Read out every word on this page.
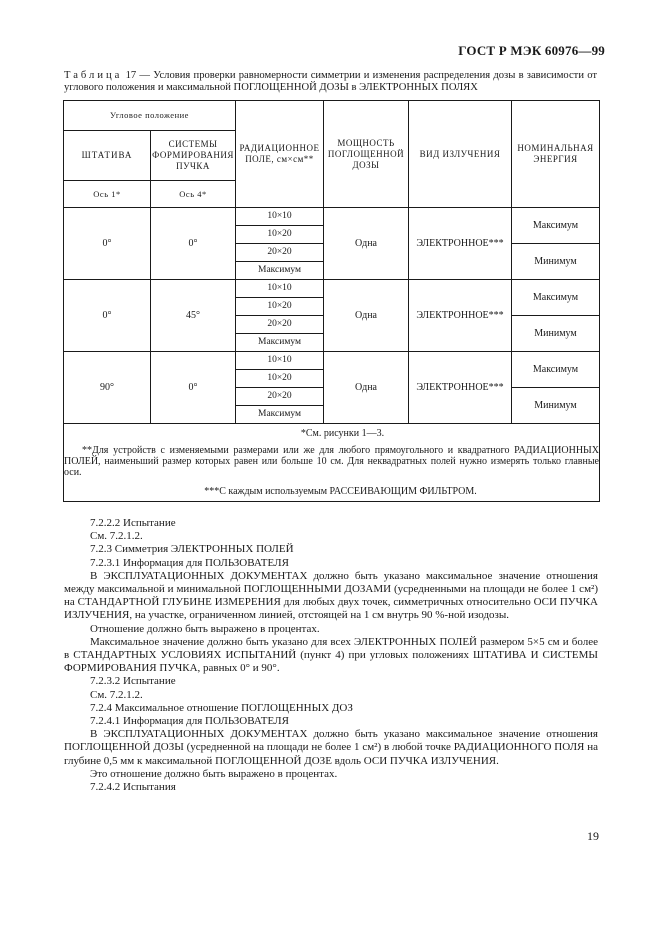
ГОСТ Р МЭК 60976—99
Таблица 17 — Условия проверки равномерности симметрии и изменения распределения дозы в зависимости от углового положения и максимальной ПОГЛОЩЕННОЙ ДОЗЫ в ЭЛЕКТРОННЫХ ПОЛЯХ
Угловое положение		РАДИАЦИОННОЕ ПОЛЕ, см×см**	МОЩНОСТЬ ПОГЛОЩЕННОЙ ДОЗЫ	ВИД ИЗЛУЧЕНИЯ	НОМИНАЛЬНАЯ ЭНЕРГИЯ
ШТАТИВА	СИСТЕМЫ ФОРМИРОВАНИЯ ПУЧКА				
Ось 1*	Ось 4*				
0°	0°	10×10	Одна	ЭЛЕКТРОННОЕ***	Максимум
		10×20			
		20×20			Минимум
		Максимум			
0°	45°	10×10	Одна	ЭЛЕКТРОННОЕ***	Максимум
		10×20			
		20×20			Минимум
		Максимум			
90°	0°	10×10	Одна	ЭЛЕКТРОННОЕ***	Максимум
		10×20			
		20×20			Минимум
		Максимум			

*См. рисунки 1—3.

**Для устройств с изменяемыми размерами или же для любого прямоугольного и квадратного РАДИАЦИОННЫХ ПОЛЕЙ, наименьший размер которых равен или больше 10 см. Для неквадратных полей нужно измерять только главные оси.

***С каждым используемым РАССЕИВАЮЩИМ ФИЛЬТРОМ.					

7.2.2.2 Испытание

См. 7.2.1.2.

7.2.3 Симметрия ЭЛЕКТРОННЫХ ПОЛЕЙ

7.2.3.1 Информация для ПОЛЬЗОВАТЕЛЯ

В ЭКСПЛУАТАЦИОННЫХ ДОКУМЕНТАХ должно быть указано максимальное значение отношения между максимальной и минимальной ПОГЛОЩЕННЫМИ ДОЗАМИ (усредненными на площади не более 1 см²) на СТАНДАРТНОЙ ГЛУБИНЕ ИЗМЕРЕНИЯ для любых двух точек, симметричных относительно ОСИ ПУЧКА ИЗЛУЧЕНИЯ, на участке, ограниченном линией, отстоящей на 1 см внутрь 90 %-ной изодозы.

Отношение должно быть выражено в процентах.

Максимальное значение должно быть указано для всех ЭЛЕКТРОННЫХ ПОЛЕЙ размером 5×5 см и более в СТАНДАРТНЫХ УСЛОВИЯХ ИСПЫТАНИЙ (пункт 4) при угловых положениях ШТАТИВА И СИСТЕМЫ ФОРМИРОВАНИЯ ПУЧКА, равных 0° и 90°.

7.2.3.2 Испытание

См. 7.2.1.2.

7.2.4 Максимальное отношение ПОГЛОЩЕННЫХ ДОЗ

7.2.4.1 Информация для ПОЛЬЗОВАТЕЛЯ

В ЭКСПЛУАТАЦИОННЫХ ДОКУМЕНТАХ должно быть указано максимальное значение отношения ПОГЛОЩЕННОЙ ДОЗЫ (усредненной на площади не более 1 см²) в любой точке РАДИАЦИОННОГО ПОЛЯ на глубине 0,5 мм к максимальной ПОГЛОЩЕННОЙ ДОЗЕ вдоль ОСИ ПУЧКА ИЗЛУЧЕНИЯ.

Это отношение должно быть выражено в процентах.

7.2.4.2 Испытания

19
